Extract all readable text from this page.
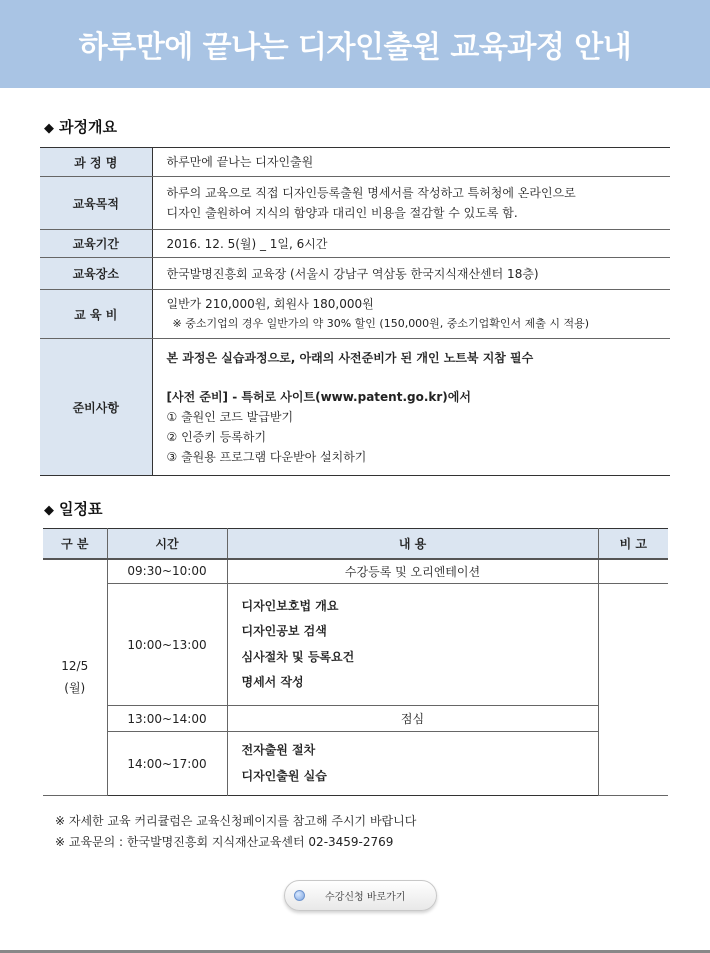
하루만에 끝나는 디자인출원 교육과정 안내
◆ 과정개요
과 정 명	하루만에 끝나는 디자인출원
교육목적	하루의 교육으로 직접 디자인등록출원 명세서를 작성하고 특허청에 온라인으로
디자인 출원하여 지식의 함양과 대리인 비용을 절감할 수 있도록 함.

교육기간	2016. 12. 5(월) _ 1일, 6시간
교육장소	한국발명진흥회 교육장 (서울시 강남구 역삼동 한국지식재산센터 18층)
교 육 비	일반가 210,000원, 회원사 180,000원
※ 중소기업의 경우 일반가의 약 30% 할인 (150,000원, 중소기업확인서 제출 시 적용)

준비사항	본 과정은 실습과정으로, 아래의 사전준비가 된 개인 노트북 지참 필수
[사전 준비] - 특허로 사이트(www.patent.go.kr)에서
① 출원인 코드 발급받기
② 인증키 등록하기
③ 출원용 프로그램 다운받아 설치하기
◆ 일정표
구 분	시간	내 용	비 고

12/5
(월)	09:30~10:00	수강등록 및 오리엔테이션	
	10:00~13:00	디자인보호법 개요
디자인공보 검색
심사절차 및 등록요건
명세서 작성	

	13:00~14:00	점심	
	14:00~17:00	전자출원 절차
디자인출원 실습	
※ 자세한 교육 커리큘럼은 교육신청페이지를 참고해 주시기 바랍니다
※ 교육문의 : 한국발명진흥회 지식재산교육센터 02-3459-2769
수강신청 바로가기
